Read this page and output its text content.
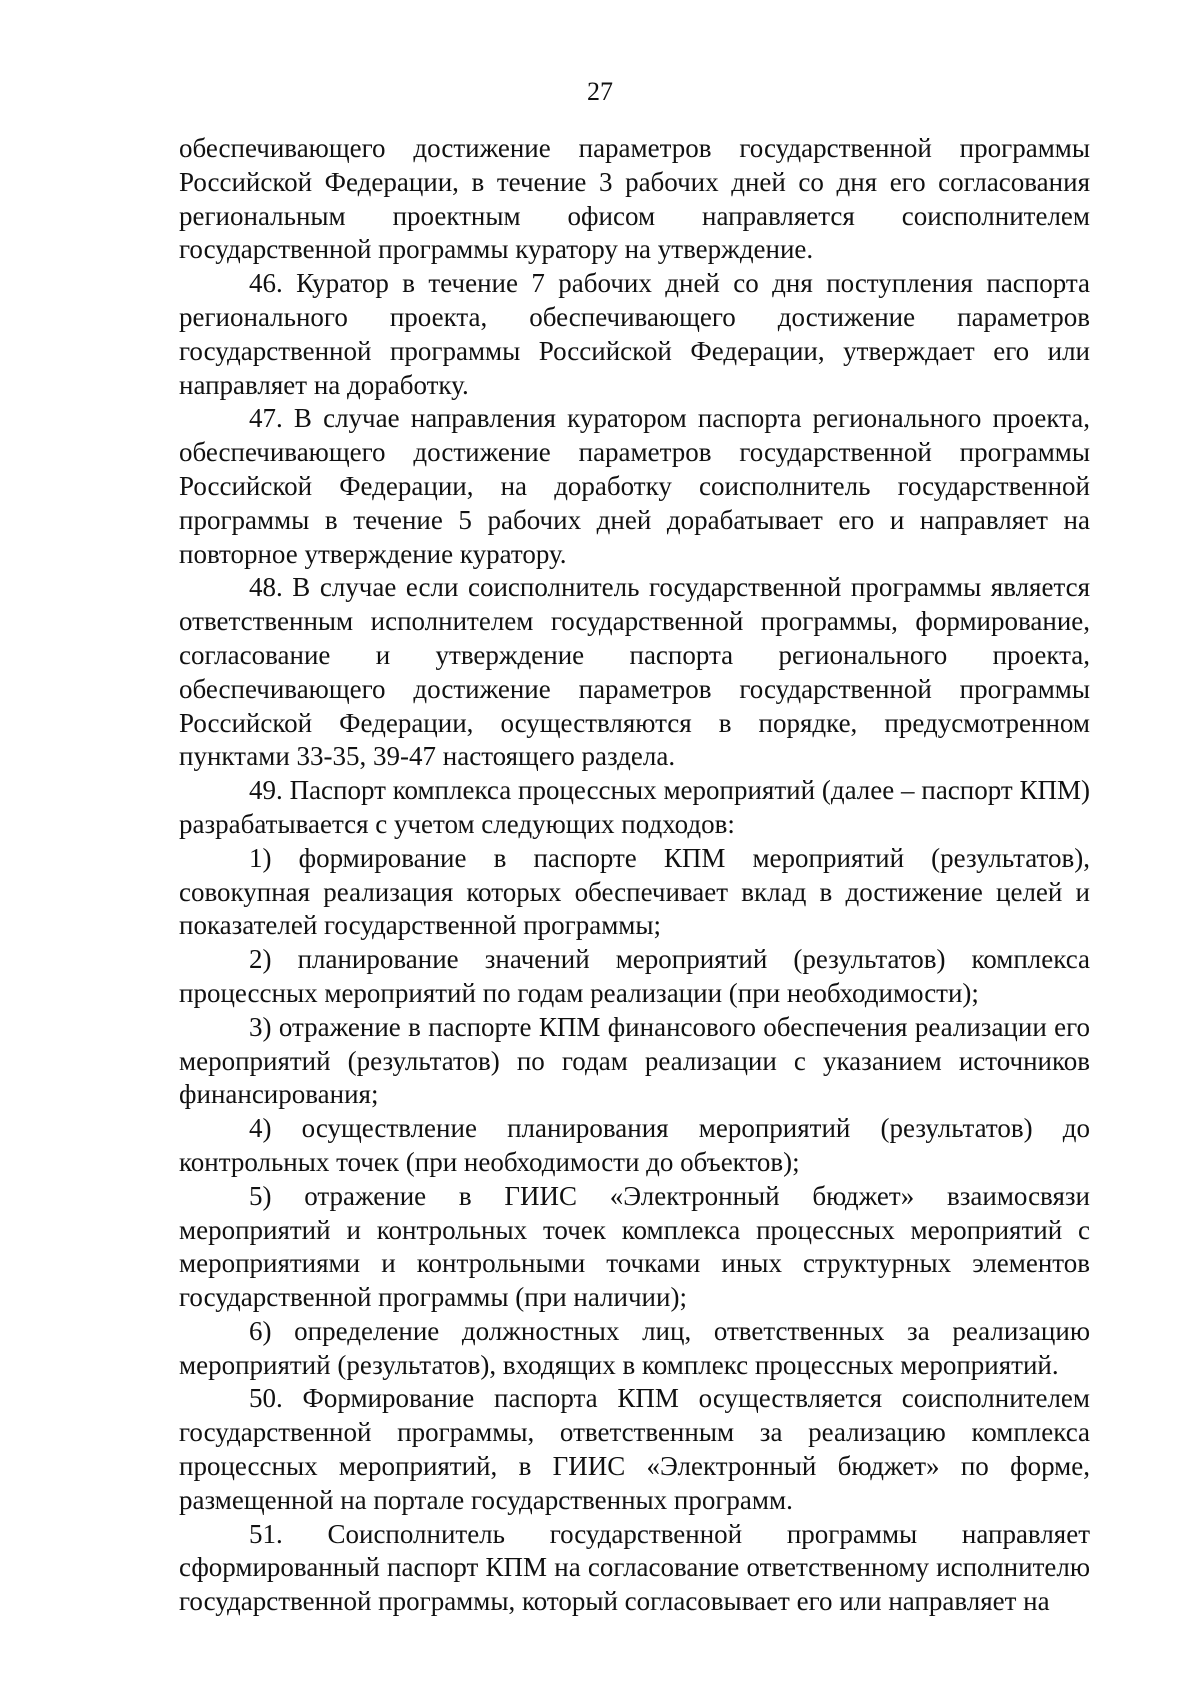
27

обеспечивающего достижение параметров государственной программы Российской Федерации, в течение 3 рабочих дней со дня его согласования региональным проектным офисом направляется соисполнителем государственной программы куратору на утверждение.

46. Куратор в течение 7 рабочих дней со дня поступления паспорта регионального проекта, обеспечивающего достижение параметров государственной программы Российской Федерации, утверждает его или направляет на доработку.

47. В случае направления куратором паспорта регионального проекта, обеспечивающего достижение параметров государственной программы Российской Федерации, на доработку соисполнитель государственной программы в течение 5 рабочих дней дорабатывает его и направляет на повторное утверждение куратору.

48. В случае если соисполнитель государственной программы является ответственным исполнителем государственной программы, формирование, согласование и утверждение паспорта регионального проекта, обеспечивающего достижение параметров государственной программы Российской Федерации, осуществляются в порядке, предусмотренном пунктами 33-35, 39-47 настоящего раздела.

49. Паспорт комплекса процессных мероприятий (далее – паспорт КПМ) разрабатывается с учетом следующих подходов:

1) формирование в паспорте КПМ мероприятий (результатов), совокупная реализация которых обеспечивает вклад в достижение целей и показателей государственной программы;

2) планирование значений мероприятий (результатов) комплекса процессных мероприятий по годам реализации (при необходимости);

3) отражение в паспорте КПМ финансового обеспечения реализации его мероприятий (результатов) по годам реализации с указанием источников финансирования;

4) осуществление планирования мероприятий (результатов) до контрольных точек (при необходимости до объектов);

5) отражение в ГИИС «Электронный бюджет» взаимосвязи мероприятий и контрольных точек комплекса процессных мероприятий с мероприятиями и контрольными точками иных структурных элементов государственной программы (при наличии);

6) определение должностных лиц, ответственных за реализацию мероприятий (результатов), входящих в комплекс процессных мероприятий.

50. Формирование паспорта КПМ осуществляется соисполнителем государственной программы, ответственным за реализацию комплекса процессных мероприятий, в ГИИС «Электронный бюджет» по форме, размещенной на портале государственных программ.

51. Соисполнитель государственной программы направляет сформированный паспорт КПМ на согласование ответственному исполнителю государственной программы, который согласовывает его или направляет на
